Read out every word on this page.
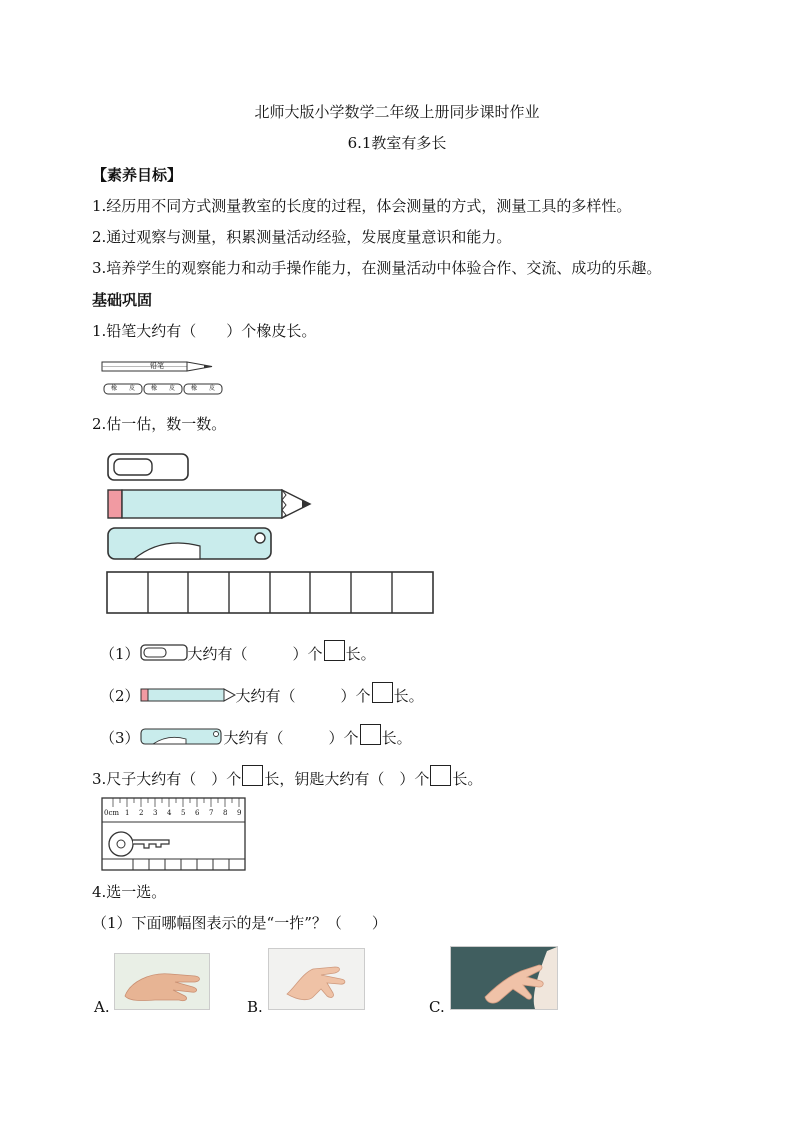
北师大版小学数学二年级上册同步课时作业
6.1教室有多长
【素养目标】
1.经历用不同方式测量教室的长度的过程，体会测量的方式，测量工具的多样性。
2.通过观察与测量，积累测量活动经验，发展度量意识和能力。
3.培养学生的观察能力和动手操作能力，在测量活动中体验合作、交流、成功的乐趣。
基础巩固
1.铅笔大约有（　　）个橡皮长。
铅笔
橡　　皮	橡　　皮	橡　　皮
2.估一估，数一数。
（1）	大约有（　　　）个 长。
（2）	大约有（　　　）个 长。
（3）	大约有（　　　）个 长。
3.尺子大约有（　）个 长，钥匙大约有（　）个 长。
0cm 1 2 3 4 5 6 7 8 9
4.选一选。
（1）下面哪幅图表示的是“一拃”？（　　）
A.	B.	C.
